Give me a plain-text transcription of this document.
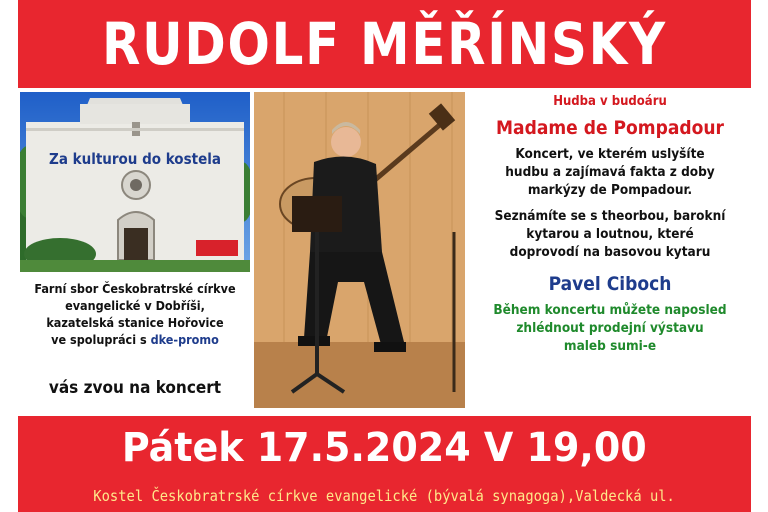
RUDOLF MĚŘÍNSKÝ
Za kulturou do kostela
Farní sbor Českobratrské církve
evangelické v Dobříši,
kazatelská stanice Hořovice
ve spolupráci s dke-promo
vás zvou na koncert
Hudba v budoáru
Madame de Pompadour
Koncert, ve kterém uslyšíte
hudbu a zajímavá fakta z doby
markýzy de Pompadour.
Seznámíte se s theorbou, barokní
kytarou a loutnou, které
doprovodí na basovou kytaru
Pavel Ciboch
Během koncertu můžete naposled
zhlédnout prodejní výstavu
maleb sumi-e
Pátek 17.5.2024 V 19,00
Kostel Českobratrské církve evangelické (bývalá synagoga),Valdecká ul.
